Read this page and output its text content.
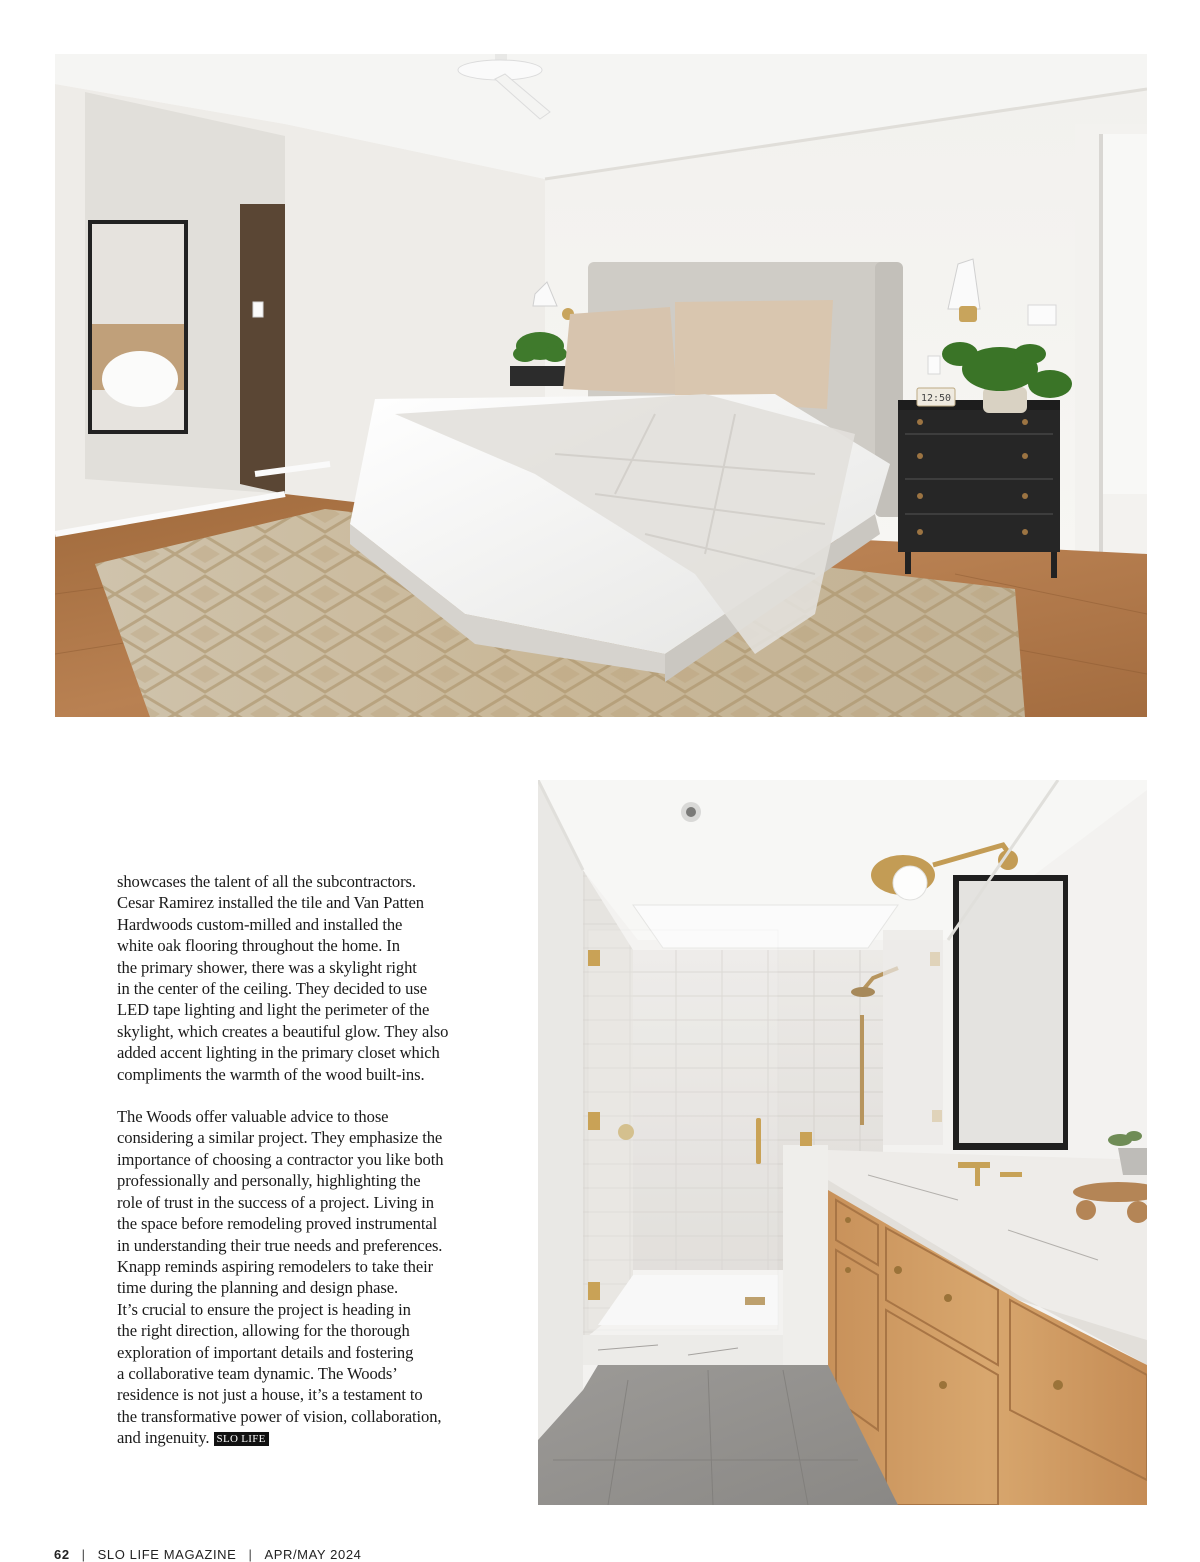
12:50

showcases the talent of all the subcontractors.
Cesar Ramirez installed the tile and Van Patten
Hardwoods custom-milled and installed the
white oak flooring throughout the home. In
the primary shower, there was a skylight right
in the center of the ceiling. They decided to use
LED tape lighting and light the perimeter of the
skylight, which creates a beautiful glow. They also
added accent lighting in the primary closet which
compliments the warmth of the wood built-ins.

The Woods offer valuable advice to those
considering a similar project. They emphasize the
importance of choosing a contractor you like both
professionally and personally, highlighting the
role of trust in the success of a project. Living in
the space before remodeling proved instrumental
in understanding their true needs and preferences.
Knapp reminds aspiring remodelers to take their
time during the planning and design phase.
It’s crucial to ensure the project is heading in
the right direction, allowing for the thorough
exploration of important details and fostering
a collaborative team dynamic. The Woods’
residence is not just a house, it’s a testament to
the transformative power of vision, collaboration,
and ingenuity. SLO LIFE

62 | SLO LIFE MAGAZINE | APR/MAY 2024
